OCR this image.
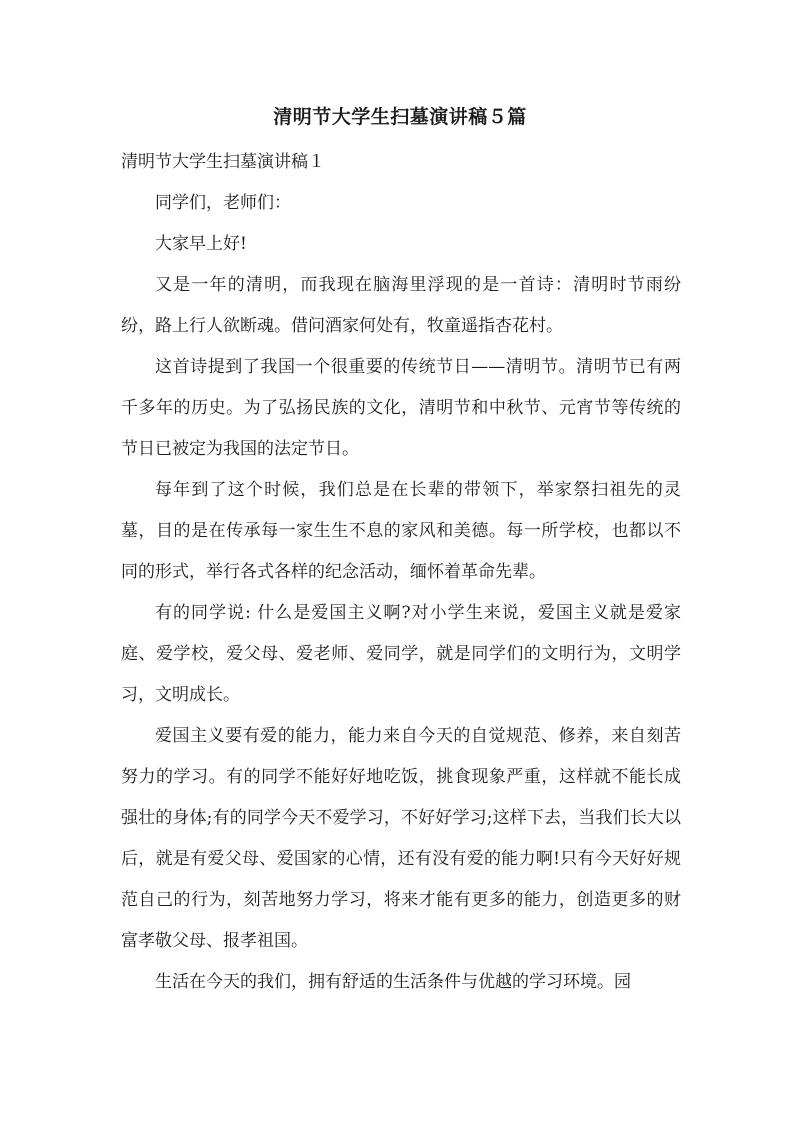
清明节大学生扫墓演讲稿５篇
清明节大学生扫墓演讲稿１

同学们，老师们：

大家早上好!

又是一年的清明，而我现在脑海里浮现的是一首诗：清明时节雨纷纷，路上行人欲断魂。借问酒家何处有，牧童遥指杏花村。

这首诗提到了我国一个很重要的传统节日——清明节。清明节已有两千多年的历史。为了弘扬民族的文化，清明节和中秋节、元宵节等传统的节日已被定为我国的法定节日。

每年到了这个时候，我们总是在长辈的带领下，举家祭扫祖先的灵墓，目的是在传承每一家生生不息的家风和美德。每一所学校，也都以不同的形式，举行各式各样的纪念活动，缅怀着革命先辈。

有的同学说: 什么是爱国主义啊?对小学生来说，爱国主义就是爱家庭、爱学校，爱父母、爱老师、爱同学，就是同学们的文明行为，文明学习，文明成长。

爱国主义要有爱的能力，能力来自今天的自觉规范、修养，来自刻苦努力的学习。有的同学不能好好地吃饭，挑食现象严重，这样就不能长成强壮的身体;有的同学今天不爱学习，不好好学习;这样下去，当我们长大以后，就是有爱父母、爱国家的心情，还有没有爱的能力啊!只有今天好好规范自己的行为，刻苦地努力学习，将来才能有更多的能力，创造更多的财富孝敬父母、报孝祖国。

生活在今天的我们，拥有舒适的生活条件与优越的学习环境。园
